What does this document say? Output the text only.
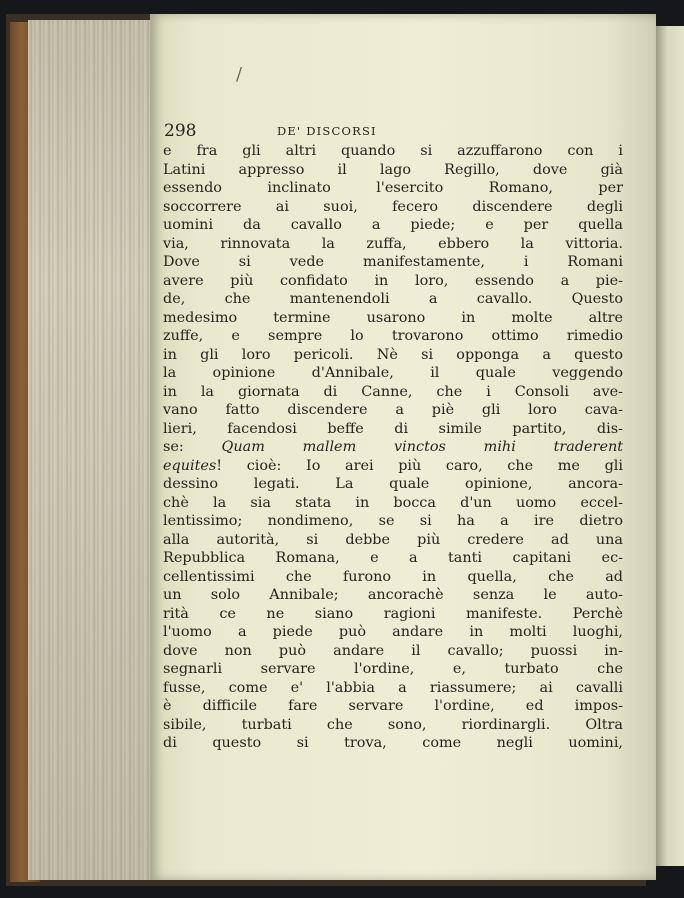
/
298	DE' DISCORSI
e fra gli altri quando si azzuffarono con i
Latini appresso il lago Regillo, dove già
essendo inclinato l'esercito Romano, per
soccorrere ai suoi, fecero discendere degli
uomini da cavallo a piede; e per quella
via, rinnovata la zuffa, ebbero la vittoria.
Dove si vede manifestamente, i Romani
avere più confidato in loro, essendo a pie-
de, che mantenendoli a cavallo. Questo
medesimo termine usarono in molte altre
zuffe, e sempre lo trovarono ottimo rimedio
in gli loro pericoli. Nè si opponga a questo
la opinione d'Annibale, il quale veggendo
in la giornata di Canne, che i Consoli ave-
vano fatto discendere a piè gli loro cava-
lieri, facendosi beffe di simile partito, dis-
se: Quam mallem vinctos mihi traderent
equites! cioè: Io arei più caro, che me gli
dessino legati. La quale opinione, ancora-
chè la sia stata in bocca d'un uomo eccel-
lentissimo; nondimeno, se si ha a ire dietro
alla autorità, si debbe più credere ad una
Repubblica Romana, e a tanti capitani ec-
cellentissimi che furono in quella, che ad
un solo Annibale; ancorachè senza le auto-
rità ce ne siano ragioni manifeste. Perchè
l'uomo a piede può andare in molti luoghi,
dove non può andare il cavallo; puossi in-
segnarli servare l'ordine, e, turbato che
fusse, come e' l'abbia a riassumere; ai cavalli
è difficile fare servare l'ordine, ed impos-
sibile, turbati che sono, riordinargli. Oltra
di questo si trova, come negli uomini,
